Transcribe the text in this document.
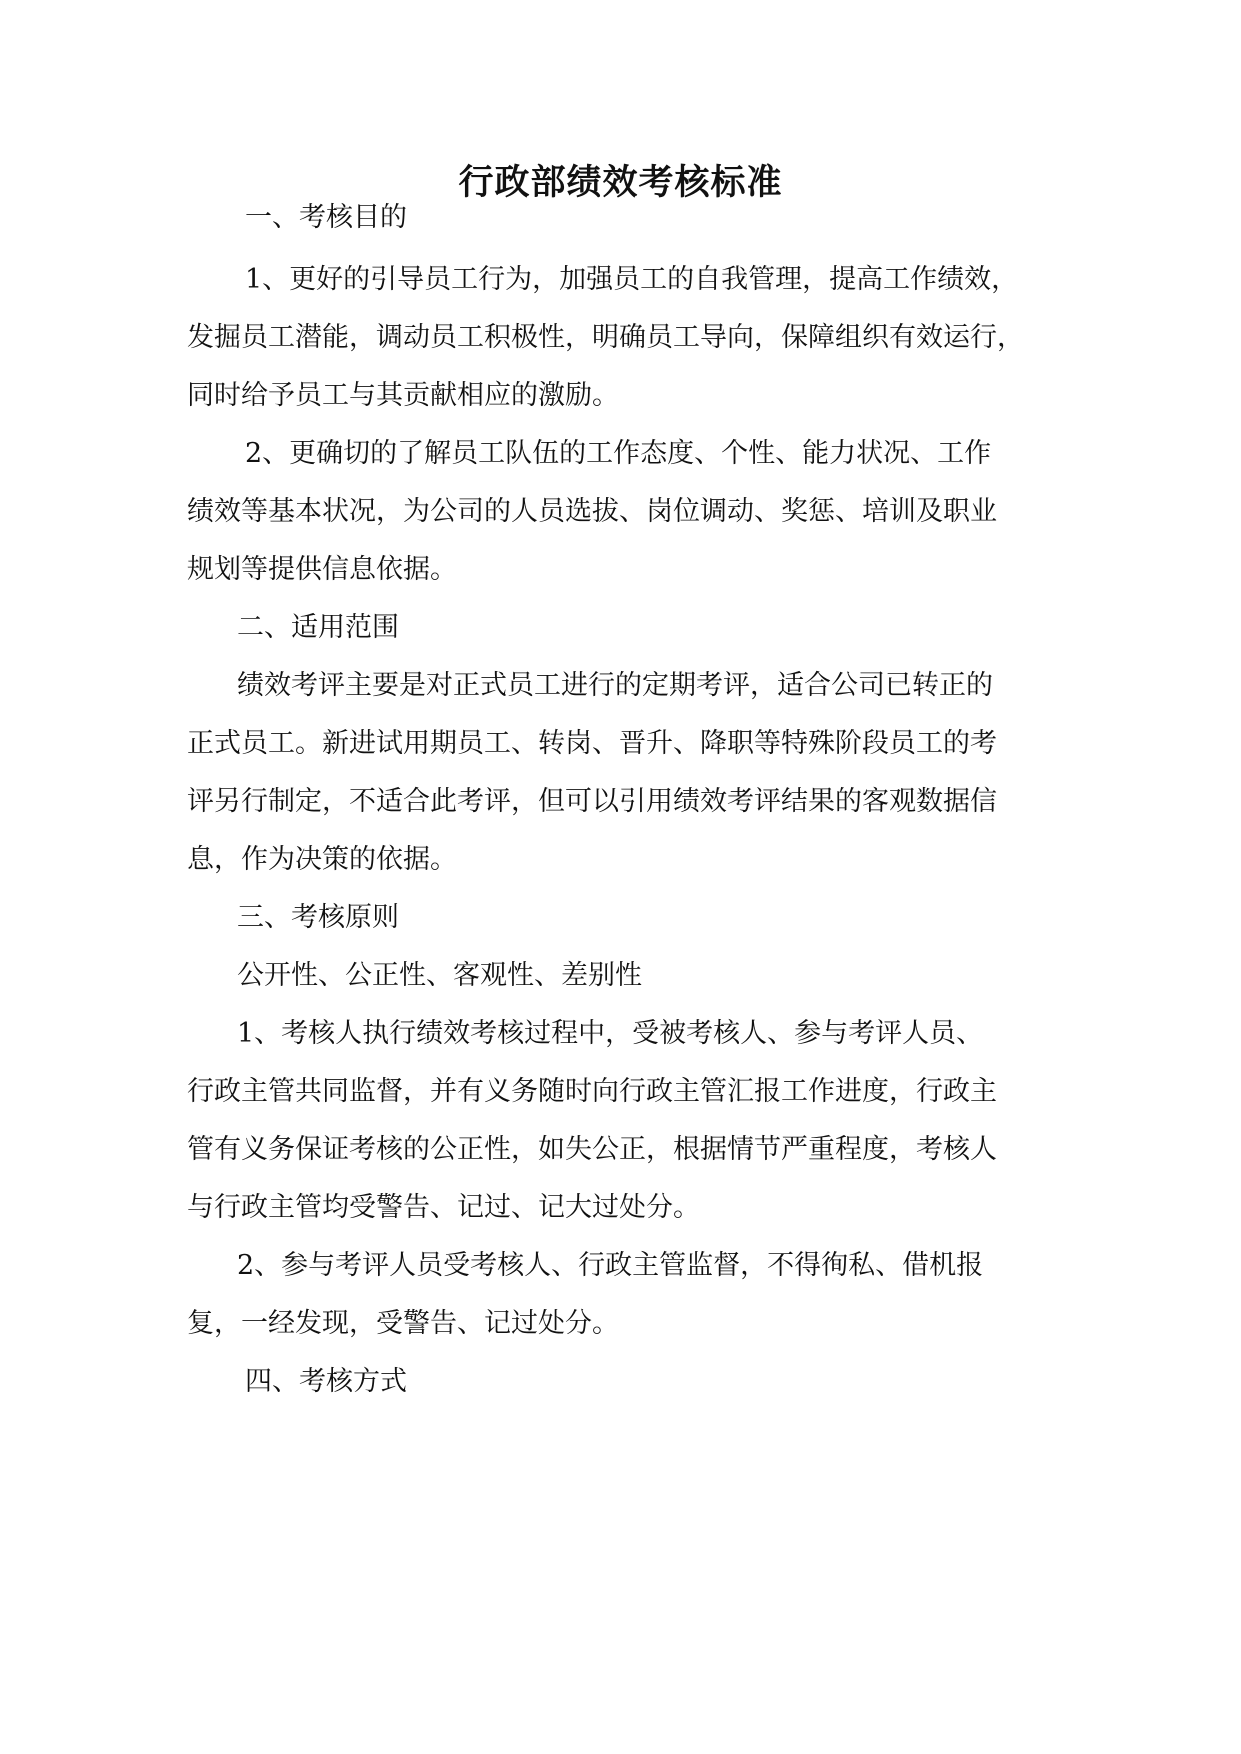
行政部绩效考核标准
一、考核目的
1、更好的引导员工行为，加强员工的自我管理，提高工作绩效，
发掘员工潜能，调动员工积极性，明确员工导向，保障组织有效运行，
同时给予员工与其贡献相应的激励。
2、更确切的了解员工队伍的工作态度、个性、能力状况、工作
绩效等基本状况，为公司的人员选拔、岗位调动、奖惩、培训及职业
规划等提供信息依据。
二、适用范围
绩效考评主要是对正式员工进行的定期考评，适合公司已转正的
正式员工。新进试用期员工、转岗、晋升、降职等特殊阶段员工的考
评另行制定，不适合此考评，但可以引用绩效考评结果的客观数据信
息，作为决策的依据。
三、考核原则
公开性、公正性、客观性、差别性
1、考核人执行绩效考核过程中，受被考核人、参与考评人员、
行政主管共同监督，并有义务随时向行政主管汇报工作进度，行政主
管有义务保证考核的公正性，如失公正，根据情节严重程度，考核人
与行政主管均受警告、记过、记大过处分。
2、参与考评人员受考核人、行政主管监督，不得徇私、借机报
复，一经发现，受警告、记过处分。
四、考核方式
